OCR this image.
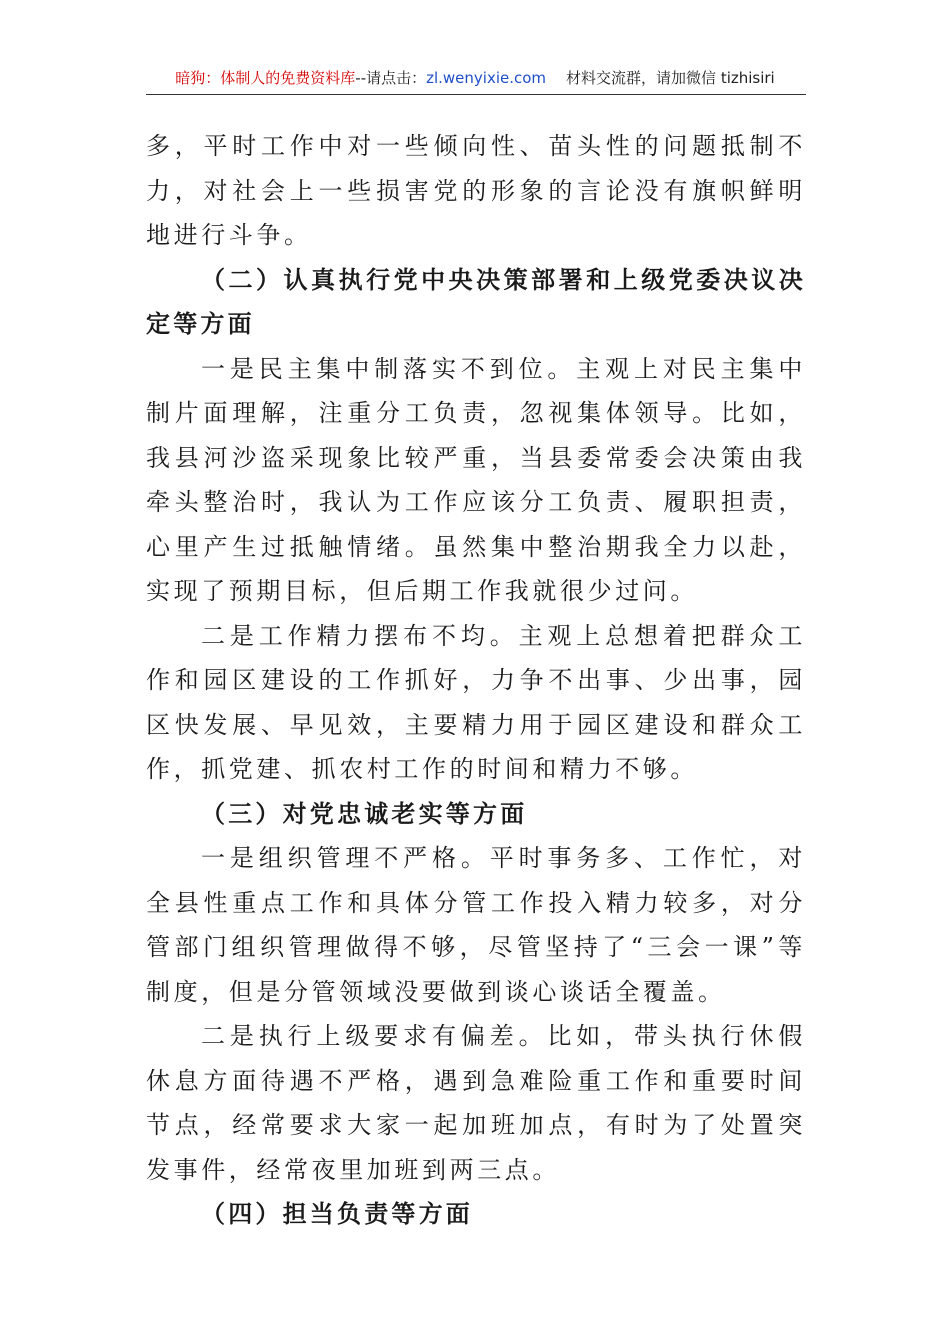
暗狗：体制人的免费资料库--请点击：zl.wenyixie.com 材料交流群，请加微信 tizhisiri

多，平时工作中对一些倾向性、苗头性的问题抵制不力，对社会上一些损害党的形象的言论没有旗帜鲜明地进行斗争。

（二）认真执行党中央决策部署和上级党委决议决定等方面

一是民主集中制落实不到位。主观上对民主集中制片面理解，注重分工负责，忽视集体领导。比如，我县河沙盗采现象比较严重，当县委常委会决策由我牵头整治时，我认为工作应该分工负责、履职担责，心里产生过抵触情绪。虽然集中整治期我全力以赴，实现了预期目标，但后期工作我就很少过问。

二是工作精力摆布不均。主观上总想着把群众工作和园区建设的工作抓好，力争不出事、少出事，园区快发展、早见效，主要精力用于园区建设和群众工作，抓党建、抓农村工作的时间和精力不够。

（三）对党忠诚老实等方面

一是组织管理不严格。平时事务多、工作忙，对全县性重点工作和具体分管工作投入精力较多，对分管部门组织管理做得不够，尽管坚持了“三会一课”等制度，但是分管领域没要做到谈心谈话全覆盖。

二是执行上级要求有偏差。比如，带头执行休假休息方面待遇不严格，遇到急难险重工作和重要时间节点，经常要求大家一起加班加点，有时为了处置突发事件，经常夜里加班到两三点。

（四）担当负责等方面
